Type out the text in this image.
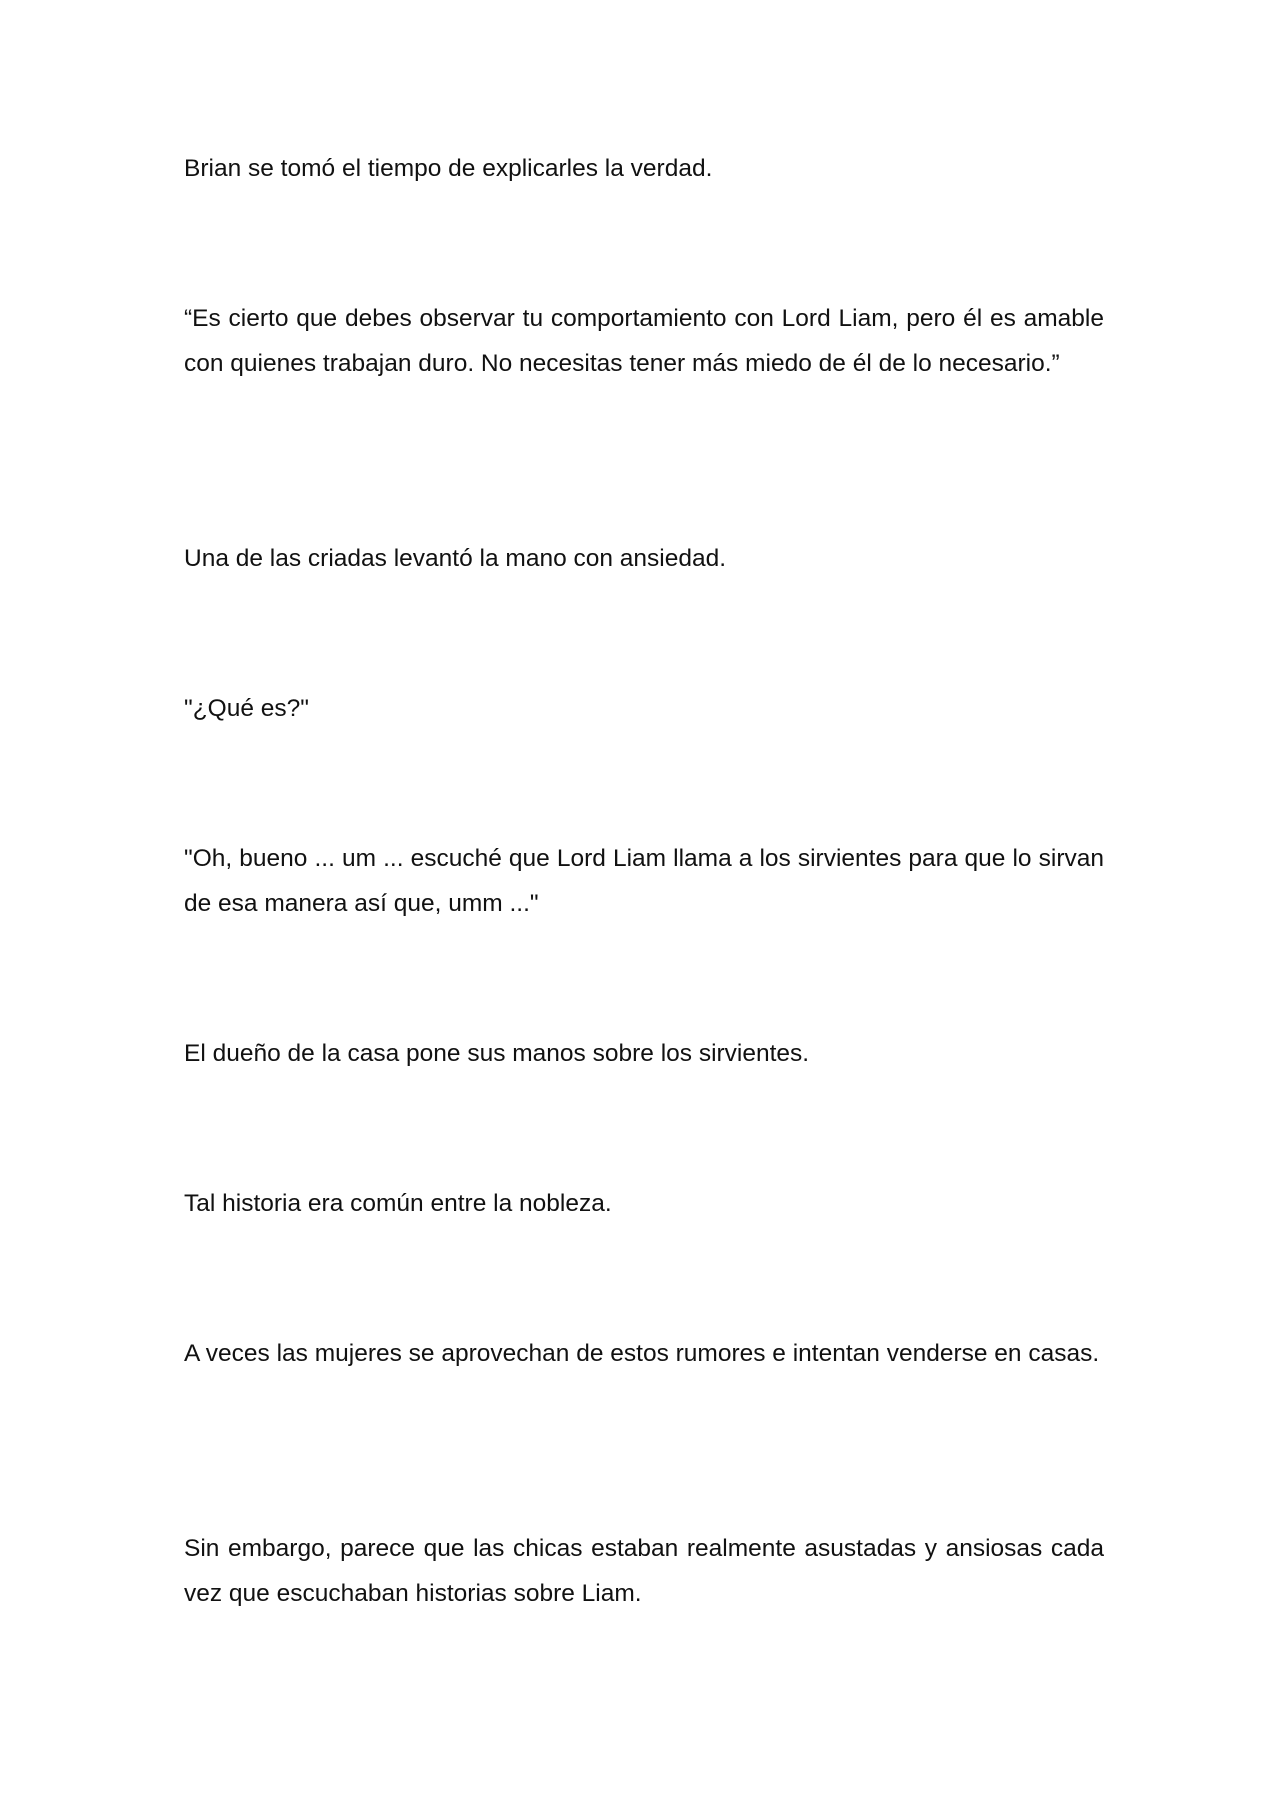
Brian se tomó el tiempo de explicarles la verdad.

“Es cierto que debes observar tu comportamiento con Lord Liam, pero él es amable con quienes trabajan duro. No necesitas tener más miedo de él de lo necesario.”

Una de las criadas levantó la mano con ansiedad.

"¿Qué es?"

"Oh, bueno ... um ... escuché que Lord Liam llama a los sirvientes para que lo sirvan de esa manera así que, umm ..."

El dueño de la casa pone sus manos sobre los sirvientes.

Tal historia era común entre la nobleza.

A veces las mujeres se aprovechan de estos rumores e intentan venderse en casas.

Sin embargo, parece que las chicas estaban realmente asustadas y ansiosas cada vez que escuchaban historias sobre Liam.
